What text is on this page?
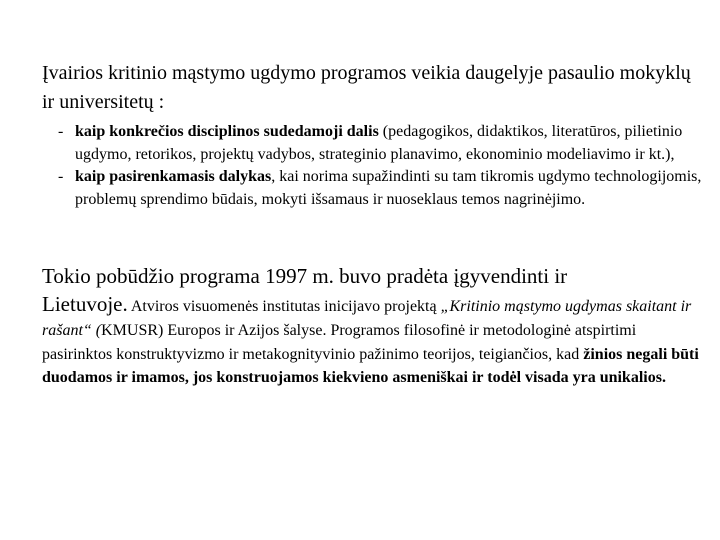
Įvairios kritinio mąstymo ugdymo programos veikia daugelyje pasaulio mokyklų ir universitetų :
- kaip konkrečios disciplinos sudedamoji dalis (pedagogikos, didaktikos, literatūros, pilietinio ugdymo, retorikos, projektų vadybos, strateginio planavimo, ekonominio modeliavimo ir kt.),
- kaip pasirenkamasis dalykas, kai norima supažindinti su tam tikromis ugdymo technologijomis, problemų sprendimo būdais, mokyti išsamaus ir nuoseklaus temos nagrinėjimo.

Tokio pobūdžio programa 1997 m. buvo pradėta įgyvendinti ir

Lietuvoje. Atviros visuomenės institutas inicijavo projektą „Kritinio mąstymo ugdymas skaitant ir rašant“ (KMUSR) Europos ir Azijos šalyse. Programos filosofinė ir metodologinė atspirtimi pasirinktos konstruktyvizmo ir metakognityvinio pažinimo teorijos, teigiančios, kad žinios negali būti duodamos ir imamos, jos konstruojamos kiekvieno asmeniškai ir todėl visada yra unikalios.
